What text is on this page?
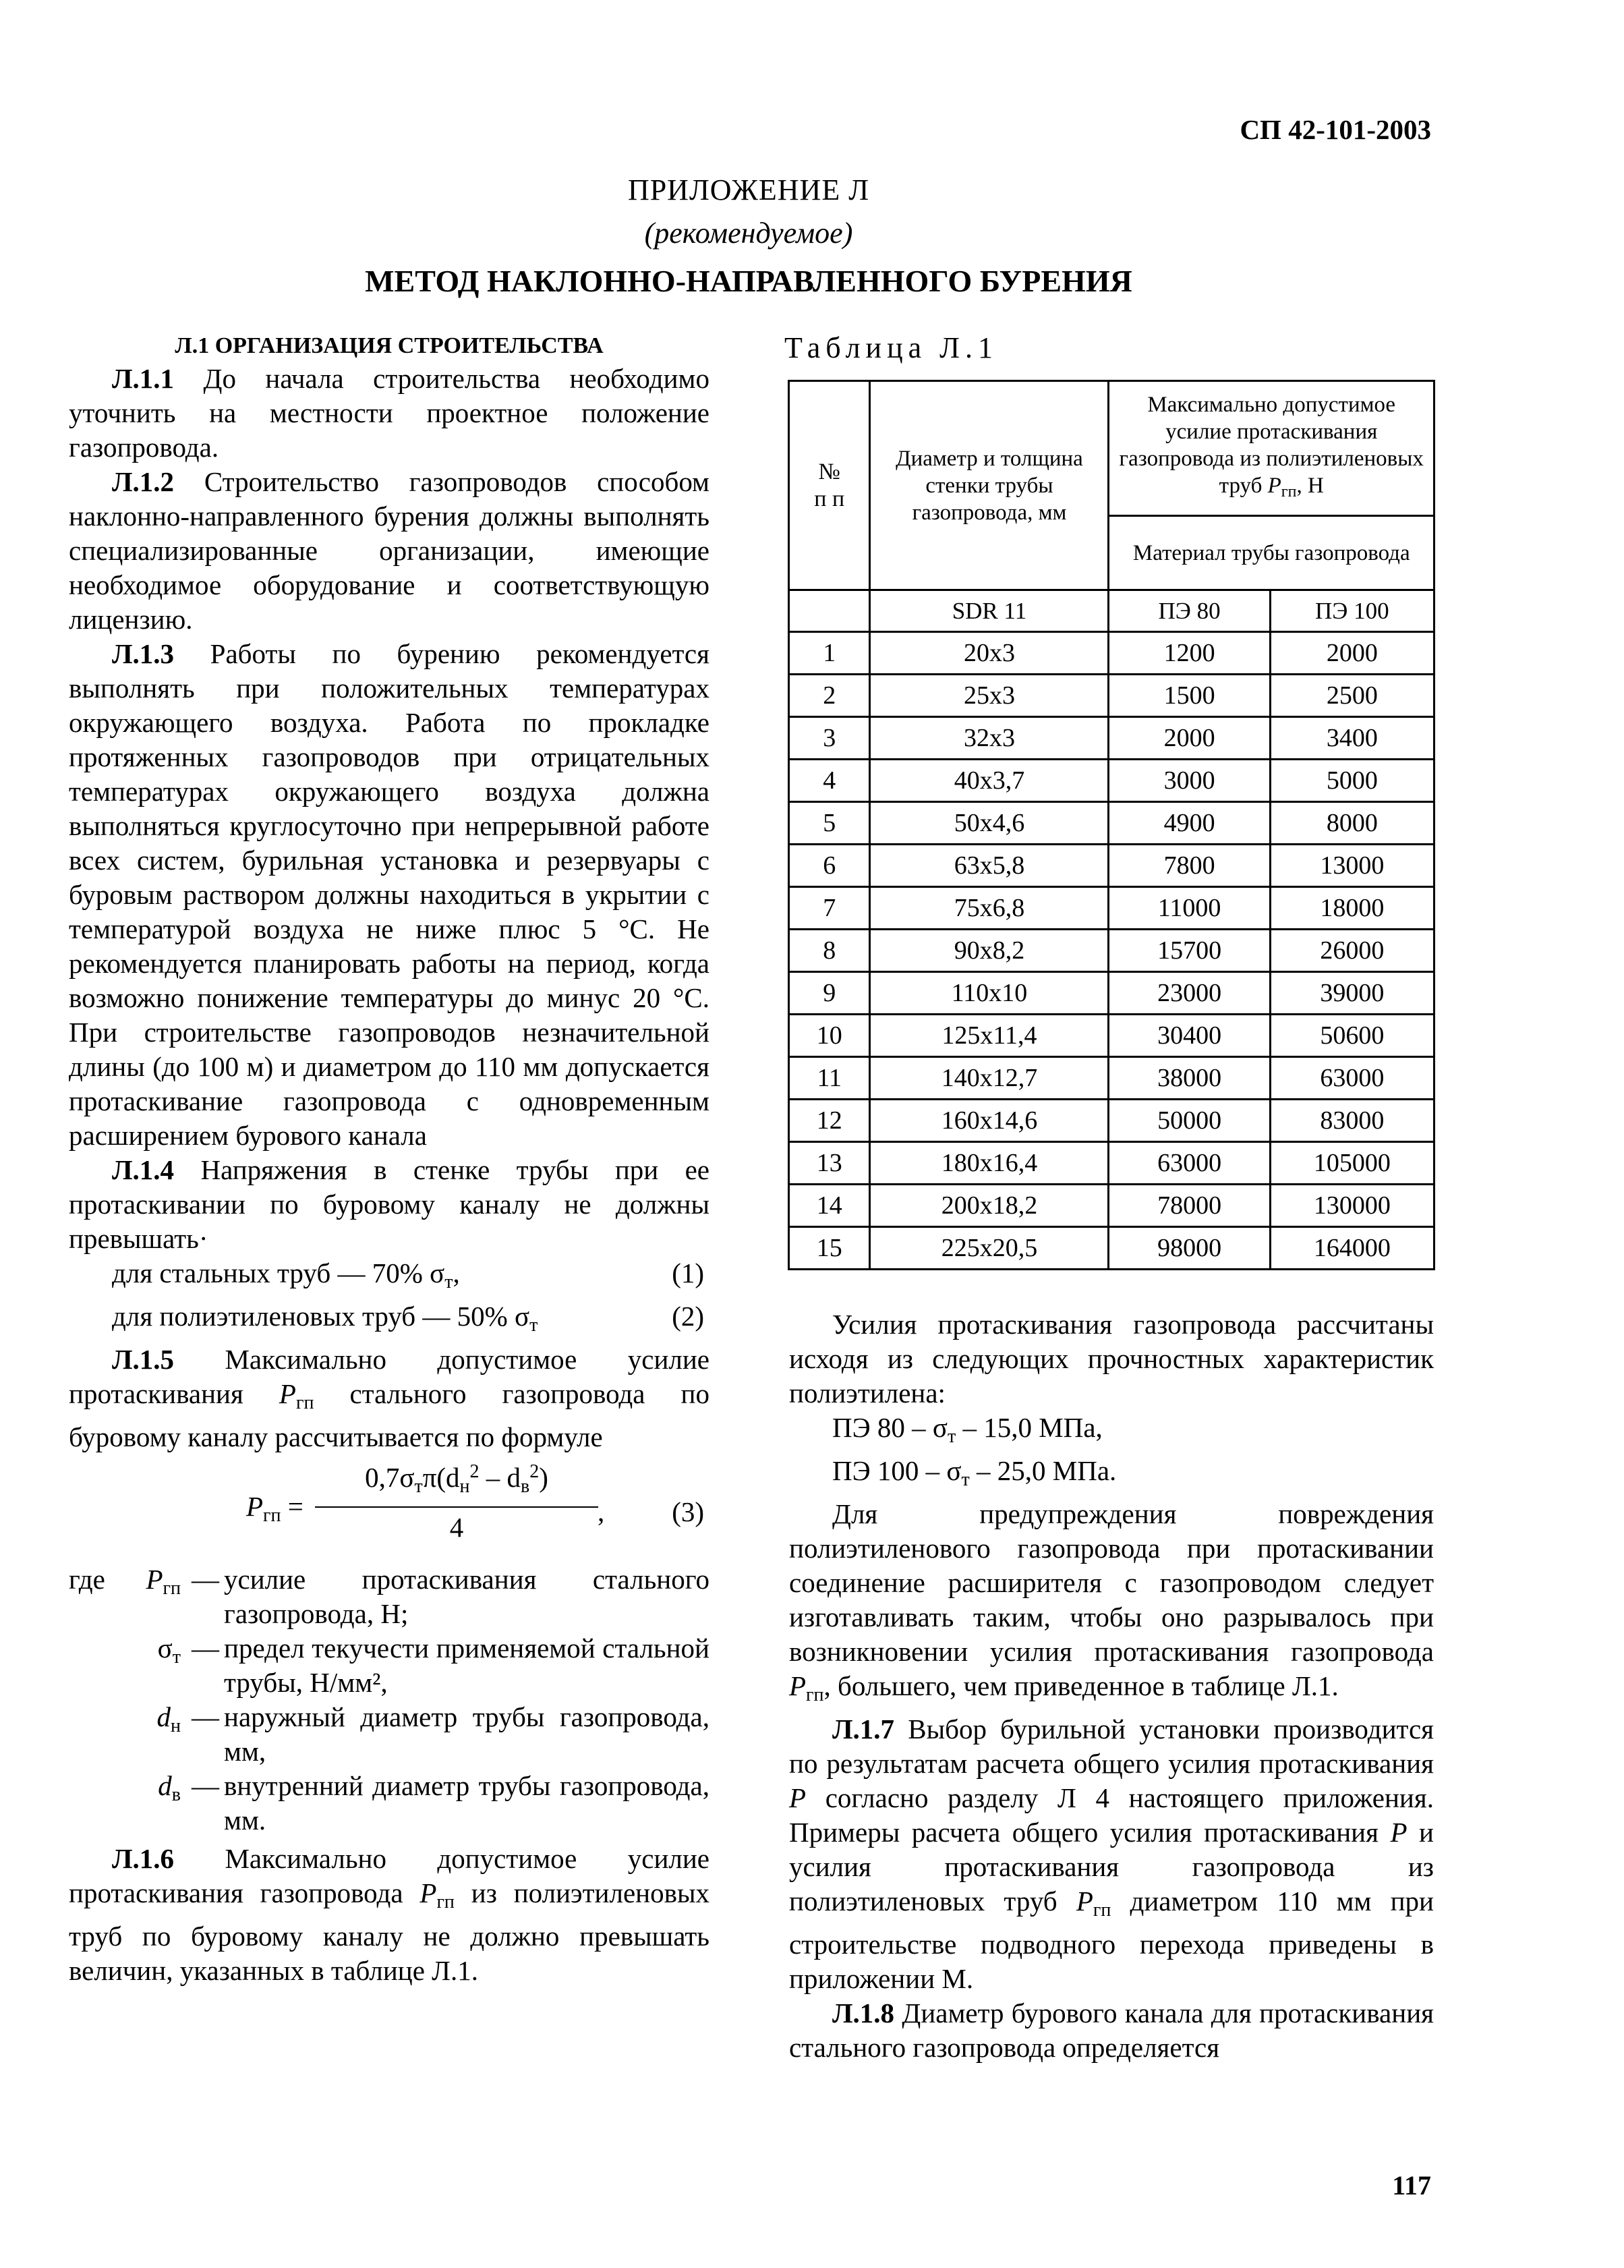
СП 42-101-2003
ПРИЛОЖЕНИЕ Л
(рекомендуемое)
МЕТОД НАКЛОННО-НАПРАВЛЕННОГО БУРЕНИЯ

Л.1 ОРГАНИЗАЦИЯ СТРОИТЕЛЬСТВА

Л.1.1 До начала строительства необходимо уточнить на местности проектное положение газопровода.

Л.1.2 Строительство газопроводов способом наклонно-направленного бурения должны выполнять специализированные организации, имеющие необходимое оборудование и соответствующую лицензию.

Л.1.3 Работы по бурению рекомендуется выполнять при положительных температурах окружающего воздуха. Работа по прокладке протяженных газопроводов при отрицательных температурах окружающего воздуха должна выполняться круглосуточно при непрерывной работе всех систем, бурильная установка и резервуары с буровым раствором должны находиться в укрытии с температурой воздуха не ниже плюс 5 °С. Не рекомендуется планировать работы на период, когда возможно понижение температуры до минус 20 °С. При строительстве газопроводов незначительной длины (до 100 м) и диаметром до 110 мм допускается протаскивание газопровода с одновременным расширением бурового канала

Л.1.4 Напряжения в стенке трубы при ее протаскивании по буровому каналу не должны превышать·

для стальных труб — 70% $\sigma_т$,	(1)
для полиэтиленовых труб — 50% $\sigma_т$	(2)

Л.1.5 Максимально допустимое усилие протаскивания $P_{гп}$ стального газопровода по буровому каналу рассчитывается по формуле

$P_{гп}$ =
$0,7\sigma_т\pi(d_н^2 - d_в^2)$
4	, (3)
где	$P_{гп}$ — усилие протаскивания стального газопровода, Н;
$\sigma_т$ — предел текучести применяемой стальной трубы, Н/мм²,
$d_н$ — наружный диаметр трубы газопровода, мм,
$d_в$ — внутренний диаметр трубы газопровода, мм.

Л.1.6 Максимально допустимое усилие протаскивания газопровода $P_{гп}$ из полиэтиленовых труб по буровому каналу не должно превышать величин, указанных в таблице Л.1.

Таблица Л.1
№
п п	Диаметр и толщина стенки трубы газопровода, мм	Максимально допустимое усилие протаскивания газопровода из полиэтиленовых труб $P_{гп}$, Н	
		Материал трубы газопровода	
	SDR 11	ПЭ 80	ПЭ 100
1	20x3	1200	2000
2	25x3	1500	2500
3	32x3	2000	3400
4	40x3,7	3000	5000
5	50x4,6	4900	8000
6	63x5,8	7800	13000
7	75x6,8	11000	18000
8	90x8,2	15700	26000
9	110x10	23000	39000
10	125x11,4	30400	50600
11	140x12,7	38000	63000
12	160x14,6	50000	83000
13	180x16,4	63000	105000
14	200x18,2	78000	130000
15	225x20,5	98000	164000

Усилия протаскивания газопровода рассчитаны исходя из следующих прочностных характеристик полиэтилена:

ПЭ $80 - \sigma_т - 15,0$ МПа,

ПЭ $100 - \sigma_т - 25,0$ МПа.

Для предупреждения повреждения полиэтиленового газопровода при протаскивании соединение расширителя с газопроводом следует изготавливать таким, чтобы оно разрывалось при возникновении усилия протаскивания газопровода $P_{гп}$, большего, чем приведенное в таблице Л.1.

Л.1.7 Выбор бурильной установки производится по результатам расчета общего усилия протаскивания P согласно разделу Л 4 настоящего приложения. Примеры расчета общего усилия протаскивания P и усилия протаскивания газопровода из полиэтиленовых труб $P_{гп}$ диаметром 110 мм при строительстве подводного перехода приведены в приложении М.

Л.1.8 Диаметр бурового канала для протаскивания стального газопровода определяется

117
